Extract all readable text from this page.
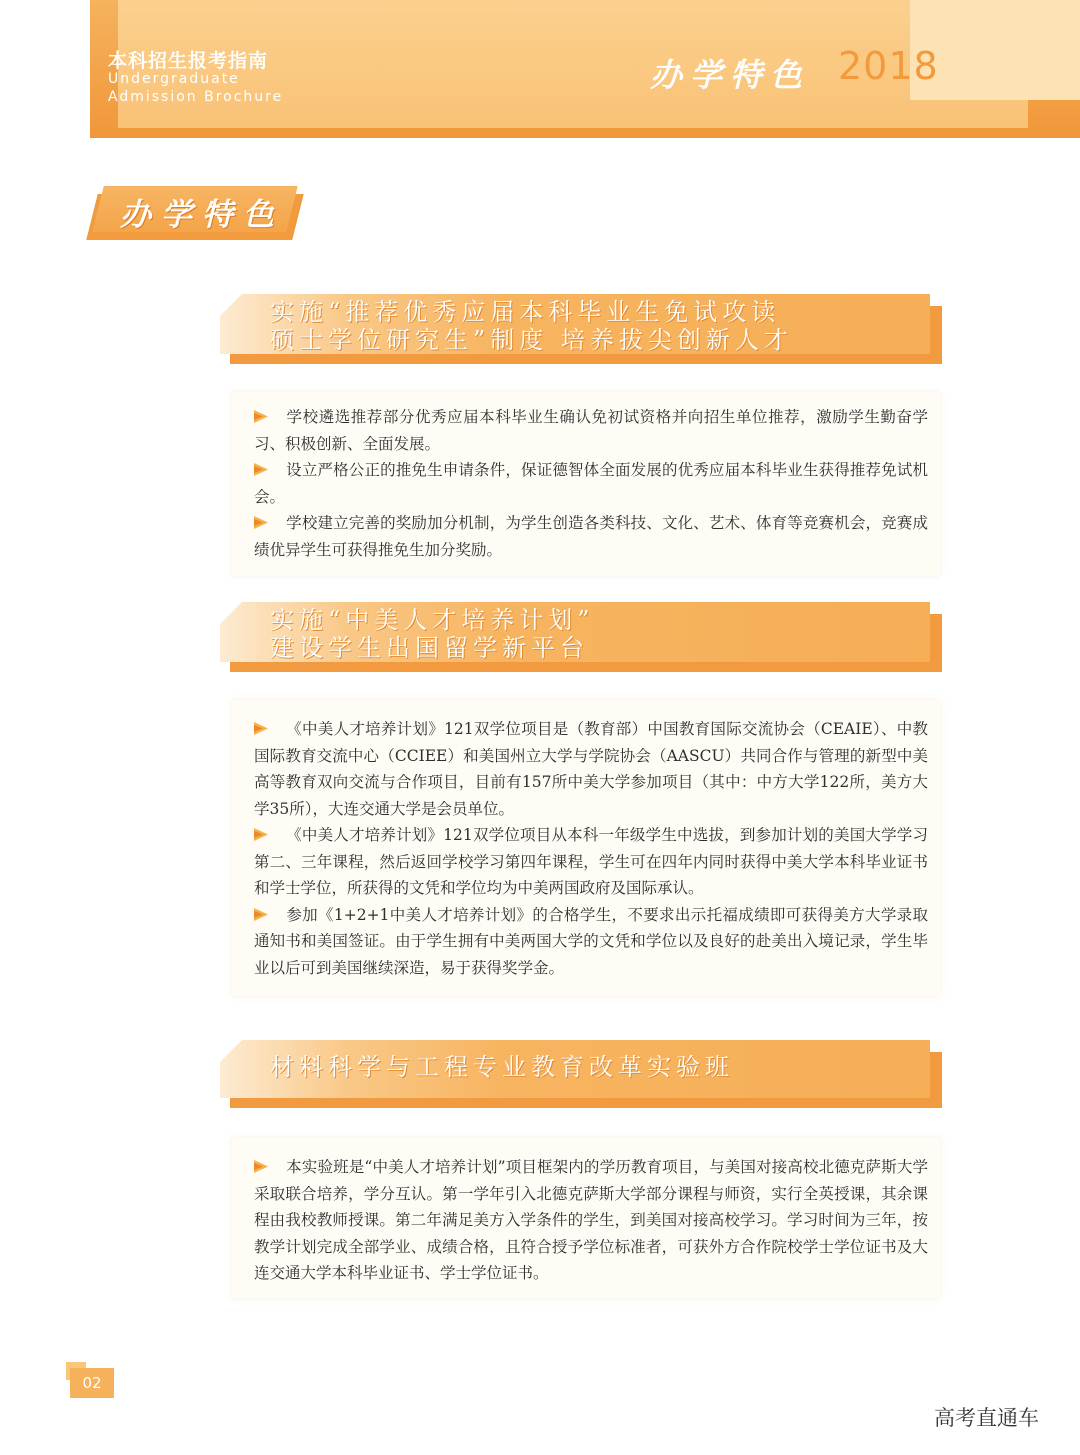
本科招生报考指南
Undergraduate
Admission Brochure
办学特色 2018
办学特色
实施“推荐优秀应届本科毕业生免试攻读
硕士学位研究生”制度 培养拔尖创新人才
学校遴选推荐部分优秀应届本科毕业生确认免初试资格并向招生单位推荐，激励学生勤奋学习、积极创新、全面发展。
设立严格公正的推免生申请条件，保证德智体全面发展的优秀应届本科毕业生获得推荐免试机会。
学校建立完善的奖励加分机制，为学生创造各类科技、文化、艺术、体育等竞赛机会，竞赛成绩优异学生可获得推免生加分奖励。
实施“中美人才培养计划”
建设学生出国留学新平台
《中美人才培养计划》121双学位项目是（教育部）中国教育国际交流协会（CEAIE）、中教国际教育交流中心（CCIEE）和美国州立大学与学院协会（AASCU）共同合作与管理的新型中美高等教育双向交流与合作项目，目前有157所中美大学参加项目（其中：中方大学122所，美方大学35所），大连交通大学是会员单位。
《中美人才培养计划》121双学位项目从本科一年级学生中选拔，到参加计划的美国大学学习第二、三年课程，然后返回学校学习第四年课程，学生可在四年内同时获得中美大学本科毕业证书和学士学位，所获得的文凭和学位均为中美两国政府及国际承认。
参加《1+2+1中美人才培养计划》的合格学生，不要求出示托福成绩即可获得美方大学录取通知书和美国签证。由于学生拥有中美两国大学的文凭和学位以及良好的赴美出入境记录，学生毕业以后可到美国继续深造，易于获得奖学金。
材料科学与工程专业教育改革实验班
本实验班是“中美人才培养计划”项目框架内的学历教育项目，与美国对接高校北德克萨斯大学采取联合培养，学分互认。第一学年引入北德克萨斯大学部分课程与师资，实行全英授课，其余课程由我校教师授课。第二年满足美方入学条件的学生，到美国对接高校学习。学习时间为三年，按教学计划完成全部学业、成绩合格，且符合授予学位标准者，可获外方合作院校学士学位证书及大连交通大学本科毕业证书、学士学位证书。
02
高考直通车
